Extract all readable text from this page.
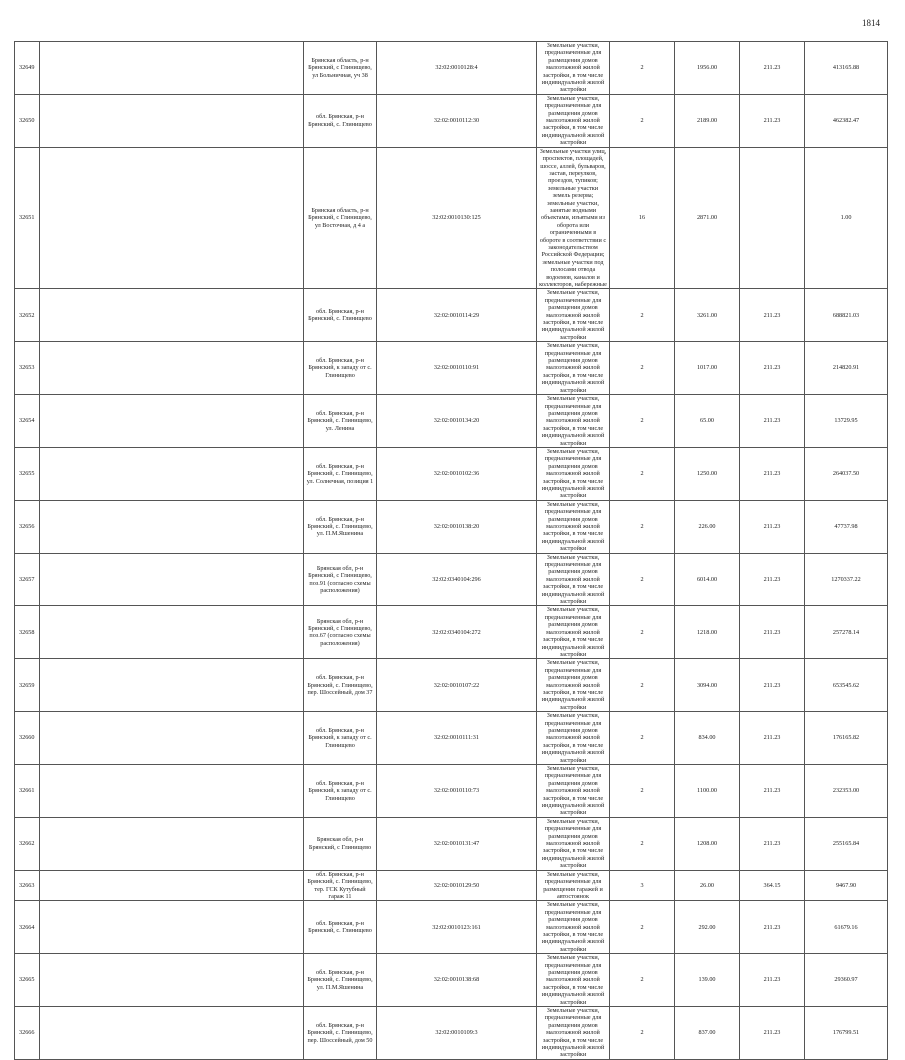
1814
32649		Брянская область, р-н Брянский, с Глинищево, ул Больничная, уч 38	32:02:0010128:4	Земельные участки, предназначенные для размещения домов малоэтажной жилой застройки, в том числе индивидуальной жилой застройки	2	1956.00	211.23	413165.88
32650		обл. Брянская, р-н Брянский, с. Глинищево	32:02:0010112:30	Земельные участки, предназначенные для размещения домов малоэтажной жилой застройки, в том числе индивидуальной жилой застройки	2	2189.00	211.23	462382.47
32651		Брянская область, р-н Брянский, с Глинищево, ул Восточная, д 4 а	32:02:0010130:125	Земельные участки улиц, проспектов, площадей, шоссе, аллей, бульваров, застав, переулков, проездов, тупиков; земельные участки земель резерва; земельные участки, занятые водными объектами, изъятыми из оборота или ограниченными в обороте в соответствии с законодательством Российской Федерации; земельные участки под полосами отвода водоемов, каналов и коллекторов, набережные	16	2871.00		1.00
32652		обл. Брянская, р-н Брянский, с. Глинищево	32:02:0010114:29	Земельные участки, предназначенные для размещения домов малоэтажной жилой застройки, в том числе индивидуальной жилой застройки	2	3261.00	211.23	688821.03
32653		обл. Брянская, р-н Брянский, к западу от с. Глинищево	32:02:0010110:91	Земельные участки, предназначенные для размещения домов малоэтажной жилой застройки, в том числе индивидуальной жилой застройки	2	1017.00	211.23	214820.91
32654		обл. Брянская, р-н Брянский, с. Глинищево, ул. Ленина	32:02:0010134:20	Земельные участки, предназначенные для размещения домов малоэтажной жилой застройки, в том числе индивидуальной жилой застройки	2	65.00	211.23	13729.95
32655		обл. Брянская, р-н Брянский, с. Глинищево, ул. Солнечная, позиция 1	32:02:0010102:36	Земельные участки, предназначенные для размещения домов малоэтажной жилой застройки, в том числе индивидуальной жилой застройки	2	1250.00	211.23	264037.50
32656		обл. Брянская, р-н Брянский, с. Глинищево, ул. П.М.Яшенина	32:02:0010138:20	Земельные участки, предназначенные для размещения домов малоэтажной жилой застройки, в том числе индивидуальной жилой застройки	2	226.00	211.23	47737.98
32657		Брянская обл, р-н Брянский, с Глинищево, поз.91 (согласно схемы расположения)	32:02:0340104:296	Земельные участки, предназначенные для размещения домов малоэтажной жилой застройки, в том числе индивидуальной жилой застройки	2	6014.00	211.23	1270337.22
32658		Брянская обл, р-н Брянский, с Глинищево, поз.67 (согласно схемы расположения)	32:02:0340104:272	Земельные участки, предназначенные для размещения домов малоэтажной жилой застройки, в том числе индивидуальной жилой застройки	2	1218.00	211.23	257278.14
32659		обл. Брянская, р-н Брянский, с. Глинищево, пер. Шоссейный, дом 37	32:02:0010107:22	Земельные участки, предназначенные для размещения домов малоэтажной жилой застройки, в том числе индивидуальной жилой застройки	2	3094.00	211.23	653545.62
32660		обл. Брянская, р-н Брянский, к западу от с. Глинищево	32:02:0010111:31	Земельные участки, предназначенные для размещения домов малоэтажной жилой застройки, в том числе индивидуальной жилой застройки	2	834.00	211.23	176165.82
32661		обл. Брянская, р-н Брянский, к западу от с. Глинищево	32:02:0010110:73	Земельные участки, предназначенные для размещения домов малоэтажной жилой застройки, в том числе индивидуальной жилой застройки	2	1100.00	211.23	232353.00
32662		Брянская обл, р-н Брянский, с Глинищево	32:02:0010131:47	Земельные участки, предназначенные для размещения домов малоэтажной жилой застройки, в том числе индивидуальной жилой застройки	2	1208.00	211.23	255165.84
32663		обл. Брянская, р-н Брянский, с. Глинищево, тер. ГСК Кутубный гараж 11	32:02:0010129:50	Земельные участки, предназначенные для размещения гаражей и автостоянок	3	26.00	364.15	9467.90
32664		обл. Брянская, р-н Брянский, с. Глинищево	32:02:0010123:161	Земельные участки, предназначенные для размещения домов малоэтажной жилой застройки, в том числе индивидуальной жилой застройки	2	292.00	211.23	61679.16
32665		обл. Брянская, р-н Брянский, с. Глинищево, ул. П.М.Яшенина	32:02:0010138:68	Земельные участки, предназначенные для размещения домов малоэтажной жилой застройки, в том числе индивидуальной жилой застройки	2	139.00	211.23	29360.97
32666		обл. Брянская, р-н Брянский, с. Глинищево, пер. Шоссейный, дом 50	32:02:0010109:3	Земельные участки, предназначенные для размещения домов малоэтажной жилой застройки, в том числе индивидуальной жилой застройки	2	837.00	211.23	176799.51
